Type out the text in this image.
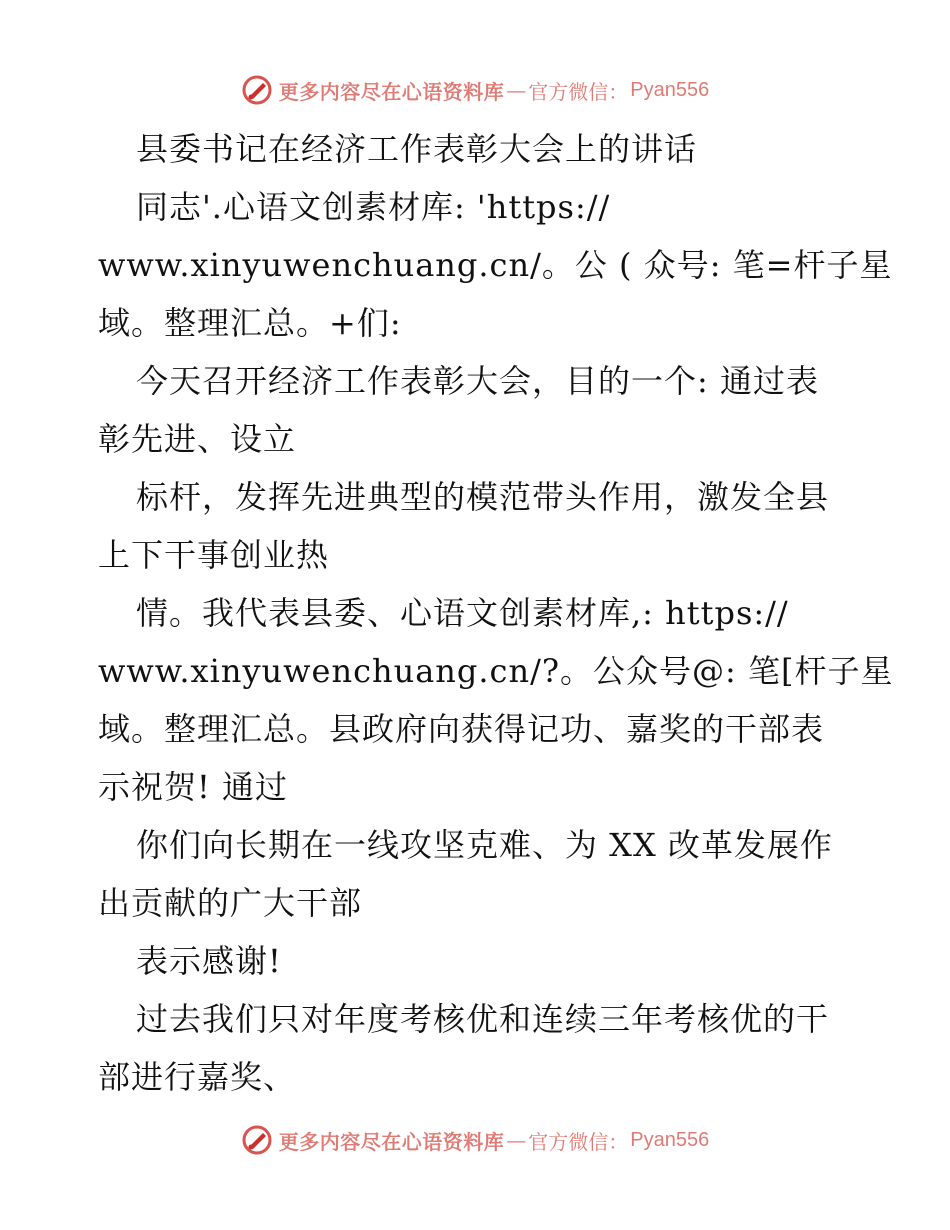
更多内容尽在心语资料库 — 官方微信： Pyan556
县委书记在经济工作表彰大会上的讲话
同志'.心语文创素材库: 'https://
www.xinyuwenchuang.cn/。公 ( 众号: 笔=杆子星
域。整理汇总。+们:
今天召开经济工作表彰大会，目的一个: 通过表
彰先进、设立
标杆，发挥先进典型的模范带头作用，激发全县
上下干事创业热
情。我代表县委、心语文创素材库,: https://
www.xinyuwenchuang.cn/?。公众号@: 笔[杆子星
域。整理汇总。县政府向获得记功、嘉奖的干部表
示祝贺! 通过
你们向长期在一线攻坚克难、为 XX 改革发展作
出贡献的广大干部
表示感谢!
过去我们只对年度考核优和连续三年考核优的干
部进行嘉奖、
更多内容尽在心语资料库 — 官方微信： Pyan556
